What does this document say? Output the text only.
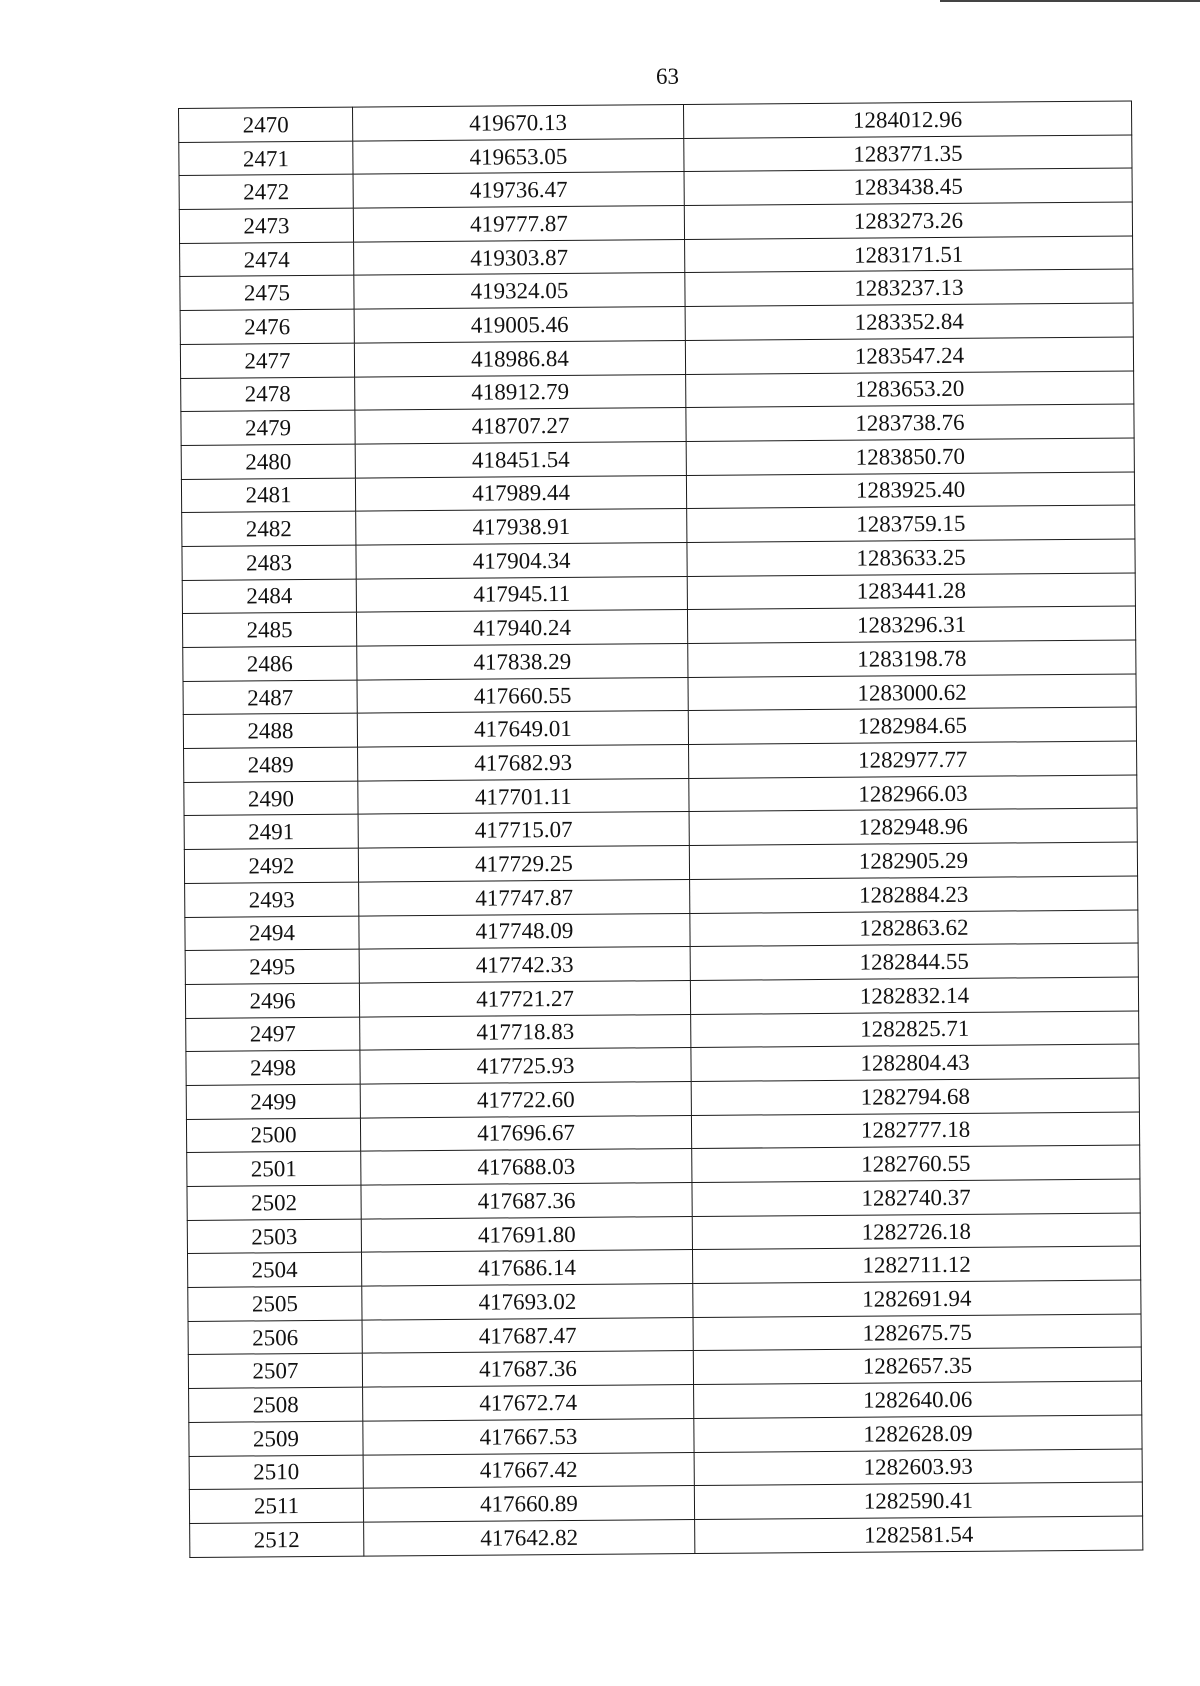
63
2470	419670.13	1284012.96
2471	419653.05	1283771.35
2472	419736.47	1283438.45
2473	419777.87	1283273.26
2474	419303.87	1283171.51
2475	419324.05	1283237.13
2476	419005.46	1283352.84
2477	418986.84	1283547.24
2478	418912.79	1283653.20
2479	418707.27	1283738.76
2480	418451.54	1283850.70
2481	417989.44	1283925.40
2482	417938.91	1283759.15
2483	417904.34	1283633.25
2484	417945.11	1283441.28
2485	417940.24	1283296.31
2486	417838.29	1283198.78
2487	417660.55	1283000.62
2488	417649.01	1282984.65
2489	417682.93	1282977.77
2490	417701.11	1282966.03
2491	417715.07	1282948.96
2492	417729.25	1282905.29
2493	417747.87	1282884.23
2494	417748.09	1282863.62
2495	417742.33	1282844.55
2496	417721.27	1282832.14
2497	417718.83	1282825.71
2498	417725.93	1282804.43
2499	417722.60	1282794.68
2500	417696.67	1282777.18
2501	417688.03	1282760.55
2502	417687.36	1282740.37
2503	417691.80	1282726.18
2504	417686.14	1282711.12
2505	417693.02	1282691.94
2506	417687.47	1282675.75
2507	417687.36	1282657.35
2508	417672.74	1282640.06
2509	417667.53	1282628.09
2510	417667.42	1282603.93
2511	417660.89	1282590.41
2512	417642.82	1282581.54
